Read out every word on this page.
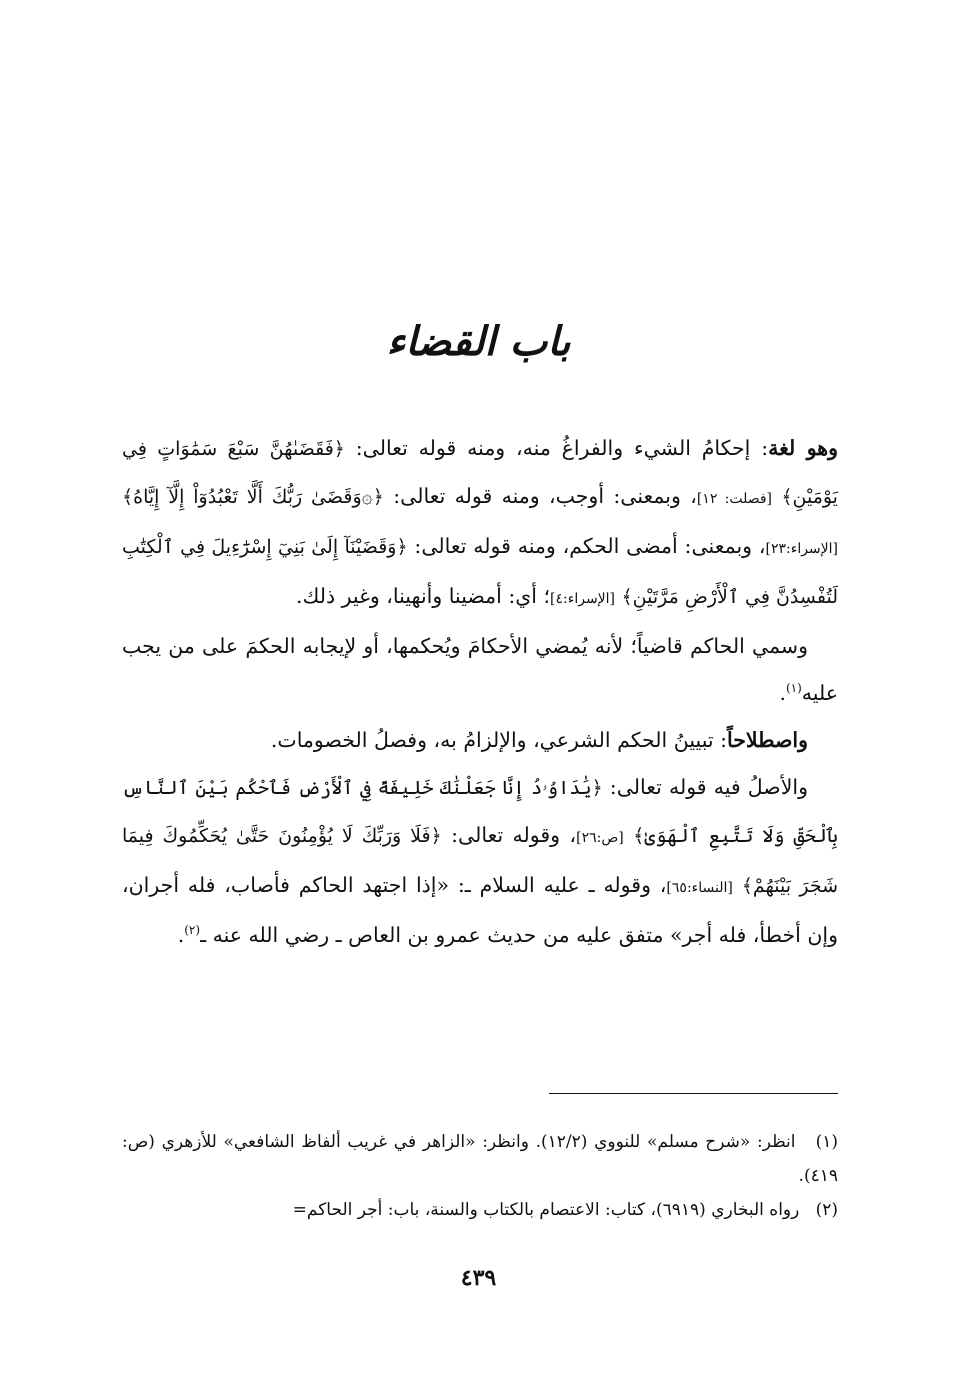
باب القضاء

وهو لغة: إحكامُ الشيء والفراغُ منه، ومنه قوله تعالى: ﴿فَقَضَىٰهُنَّ سَبْعَ سَمَٰوَاتٍ فِي يَوْمَيْنِ﴾ [فصلت: ١٢]، وبمعنى: أوجب، ومنه قوله تعالى: ﴿۞وَقَضَىٰ رَبُّكَ أَلَّا تَعْبُدُوٓاْ إِلَّآ إِيَّاهُ﴾ [الإسراء:٢٣]، وبمعنى: أمضى الحكم، ومنه قوله تعالى: ﴿وَقَضَيْنَآ إِلَىٰ بَنِيٓ إِسْرَٰٓءِيلَ فِي ٱلْكِتَٰبِ لَتُفْسِدُنَّ فِي ٱلْأَرْضِ مَرَّتَيْنِ﴾ [الإسراء:٤]؛ أي: أمضينا وأنهينا، وغير ذلك.

وسمي الحاكم قاضياً؛ لأنه يُمضي الأحكامَ ويُحكمها، أو لإيجابه الحكمَ على من يجب عليه$^{(١)}$.

واصطلاحاً: تبيينُ الحكم الشرعي، والإلزامُ به، وفصلُ الخصومات.

والأصلُ فيه قوله تعالى: ﴿يَٰدَاوُۥدُ إِنَّا جَعَلْنَٰكَ خَلِيفَةً فِي ٱلْأَرْضِ فَٱحْكُم بَيْنَ ٱلنَّاسِ بِٱلْحَقِّ وَلَا تَتَّبِعِ ٱلْهَوَىٰ﴾ [ص:٢٦]، وقوله تعالى: ﴿فَلَا وَرَبِّكَ لَا يُؤْمِنُونَ حَتَّىٰ يُحَكِّمُوكَ فِيمَا شَجَرَ بَيْنَهُمْ﴾ [النساء:٦٥]، وقوله ـ عليه السلام ـ: «إذا اجتهد الحاكم فأصاب، فله أجران، وإن أخطأ، فله أجر» متفق عليه من حديث عمرو بن العاص ـ رضي الله عنه ـ$^{(٢)}$.

(١)   انظر: «شرح مسلم» للنووي (١٢/٢). وانظر: «الزاهر في غريب ألفاظ الشافعي» للأزهري (ص: ٤١٩).

(٢)   رواه البخاري (٦٩١٩)، كتاب: الاعتصام بالكتاب والسنة، باب: أجر الحاكم=

٤٣٩
